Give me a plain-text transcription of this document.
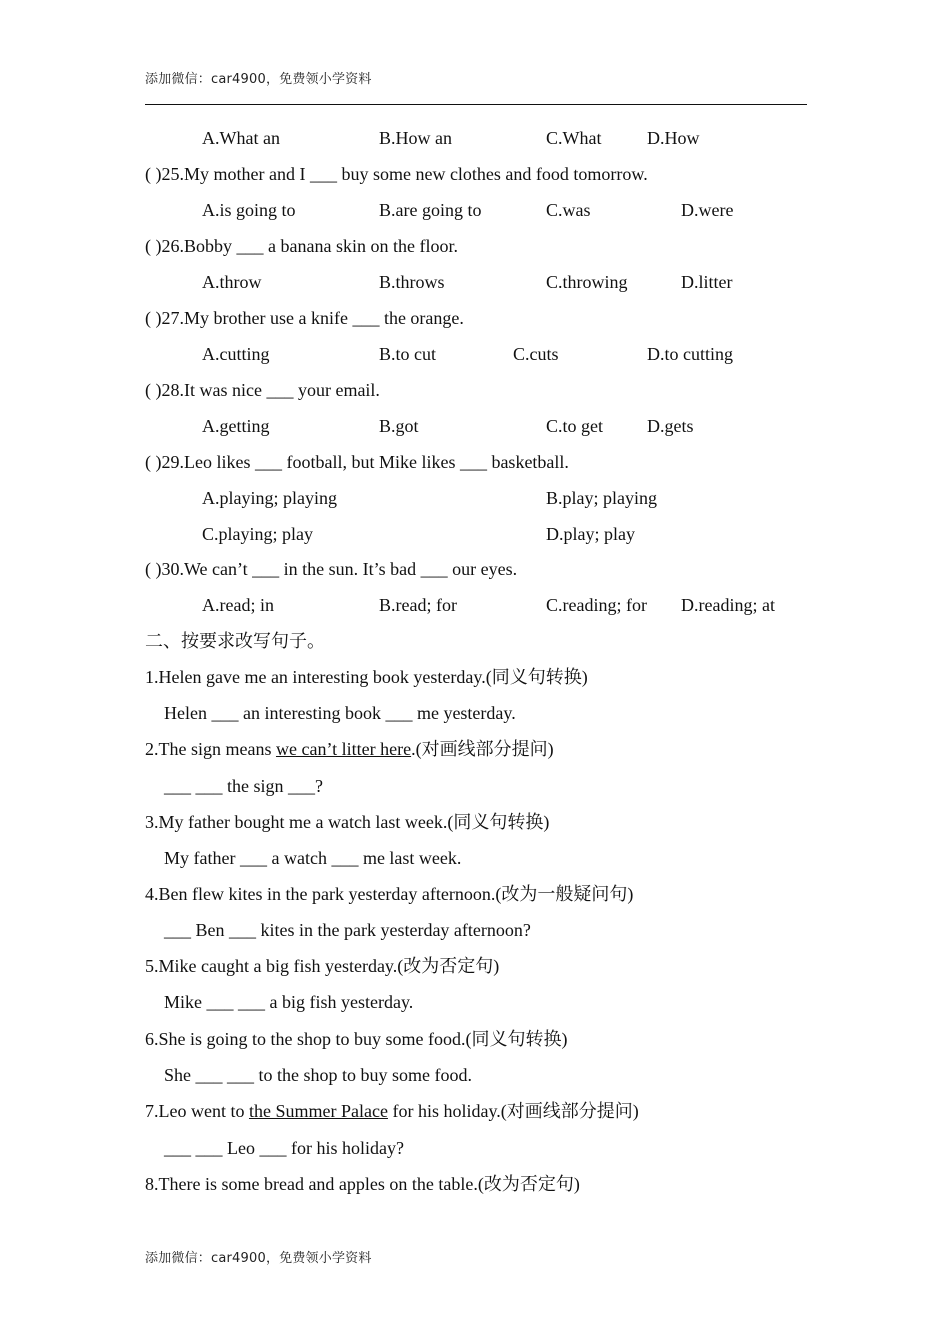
添加微信：car4900，免费领小学资料
A.What an	B.How an	C.What	D.How
( )25.My mother and I ___ buy some new clothes and food tomorrow.
A.is going to	B.are going to	C.was	D.were
( )26.Bobby ___ a banana skin on the floor.
A.throw	B.throws	C.throwing	D.litter
( )27.My brother use a knife ___ the orange.
A.cutting	B.to cut	C.cuts	D.to cutting
( )28.It was nice ___ your email.
A.getting	B.got	C.to get D.gets
( )29.Leo likes ___ football, but Mike likes ___ basketball.
A.playing; playing	B.play; playing
C.playing; play	D.play; play
( )30.We can’t ___ in the sun. It’s bad ___ our eyes.
A.read; in	B.read; for	C.reading; for D.reading; at
二、按要求改写句子。
1.Helen gave me an interesting book yesterday.(同义句转换)
Helen ___ an interesting book ___ me yesterday.
2.The sign means we can’t litter here.(对画线部分提问)
___ ___ the sign ___?
3.My father bought me a watch last week.(同义句转换)
My father ___ a watch ___ me last week.
4.Ben flew kites in the park yesterday afternoon.(改为一般疑问句)
___ Ben ___ kites in the park yesterday afternoon?
5.Mike caught a big fish yesterday.(改为否定句)
Mike ___ ___ a big fish yesterday.
6.She is going to the shop to buy some food.(同义句转换)
She ___ ___ to the shop to buy some food.
7.Leo went to the Summer Palace for his holiday.(对画线部分提问)
___ ___ Leo ___ for his holiday?
8.There is some bread and apples on the table.(改为否定句)
添加微信：car4900，免费领小学资料
